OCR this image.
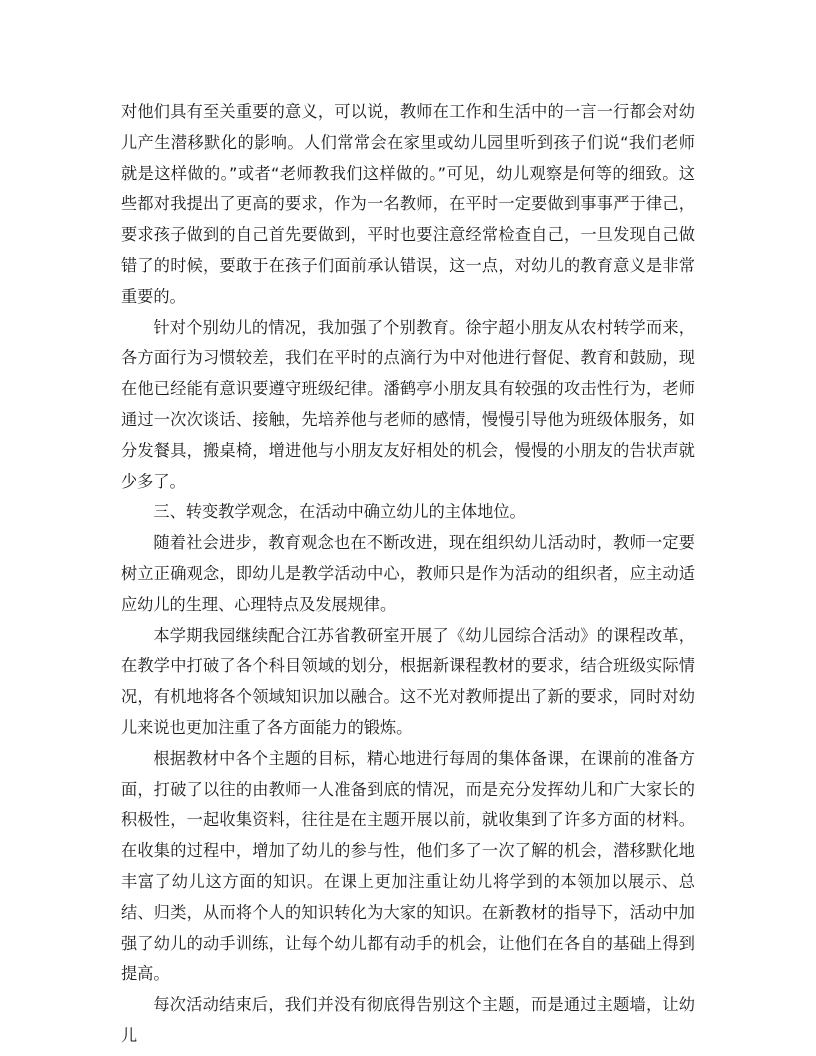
对他们具有至关重要的意义，可以说，教师在工作和生活中的一言一行都会对幼儿产生潜移默化的影响。人们常常会在家里或幼儿园里听到孩子们说“我们老师就是这样做的。”或者“老师教我们这样做的。”可见，幼儿观察是何等的细致。这些都对我提出了更高的要求，作为一名教师，在平时一定要做到事事严于律己，要求孩子做到的自己首先要做到，平时也要注意经常检查自己，一旦发现自己做错了的时候，要敢于在孩子们面前承认错误，这一点，对幼儿的教育意义是非常重要的。

针对个别幼儿的情况，我加强了个别教育。徐宇超小朋友从农村转学而来，各方面行为习惯较差，我们在平时的点滴行为中对他进行督促、教育和鼓励，现在他已经能有意识要遵守班级纪律。潘鹤亭小朋友具有较强的攻击性行为，老师通过一次次谈话、接触，先培养他与老师的感情，慢慢引导他为班级体服务，如分发餐具，搬桌椅，增进他与小朋友友好相处的机会，慢慢的小朋友的告状声就少多了。

三、转变教学观念，在活动中确立幼儿的主体地位。

随着社会进步，教育观念也在不断改进，现在组织幼儿活动时，教师一定要树立正确观念，即幼儿是教学活动中心，教师只是作为活动的组织者，应主动适应幼儿的生理、心理特点及发展规律。

本学期我园继续配合江苏省教研室开展了《幼儿园综合活动》的课程改革，在教学中打破了各个科目领域的划分，根据新课程教材的要求，结合班级实际情况，有机地将各个领域知识加以融合。这不光对教师提出了新的要求，同时对幼儿来说也更加注重了各方面能力的锻炼。

根据教材中各个主题的目标，精心地进行每周的集体备课，在课前的准备方面，打破了以往的由教师一人准备到底的情况，而是充分发挥幼儿和广大家长的积极性，一起收集资料，往往是在主题开展以前，就收集到了许多方面的材料。在收集的过程中，增加了幼儿的参与性，他们多了一次了解的机会，潜移默化地丰富了幼儿这方面的知识。在课上更加注重让幼儿将学到的本领加以展示、总结、归类，从而将个人的知识转化为大家的知识。在新教材的指导下，活动中加强了幼儿的动手训练，让每个幼儿都有动手的机会，让他们在各自的基础上得到提高。

每次活动结束后，我们并没有彻底得告别这个主题，而是通过主题墙，让幼儿
